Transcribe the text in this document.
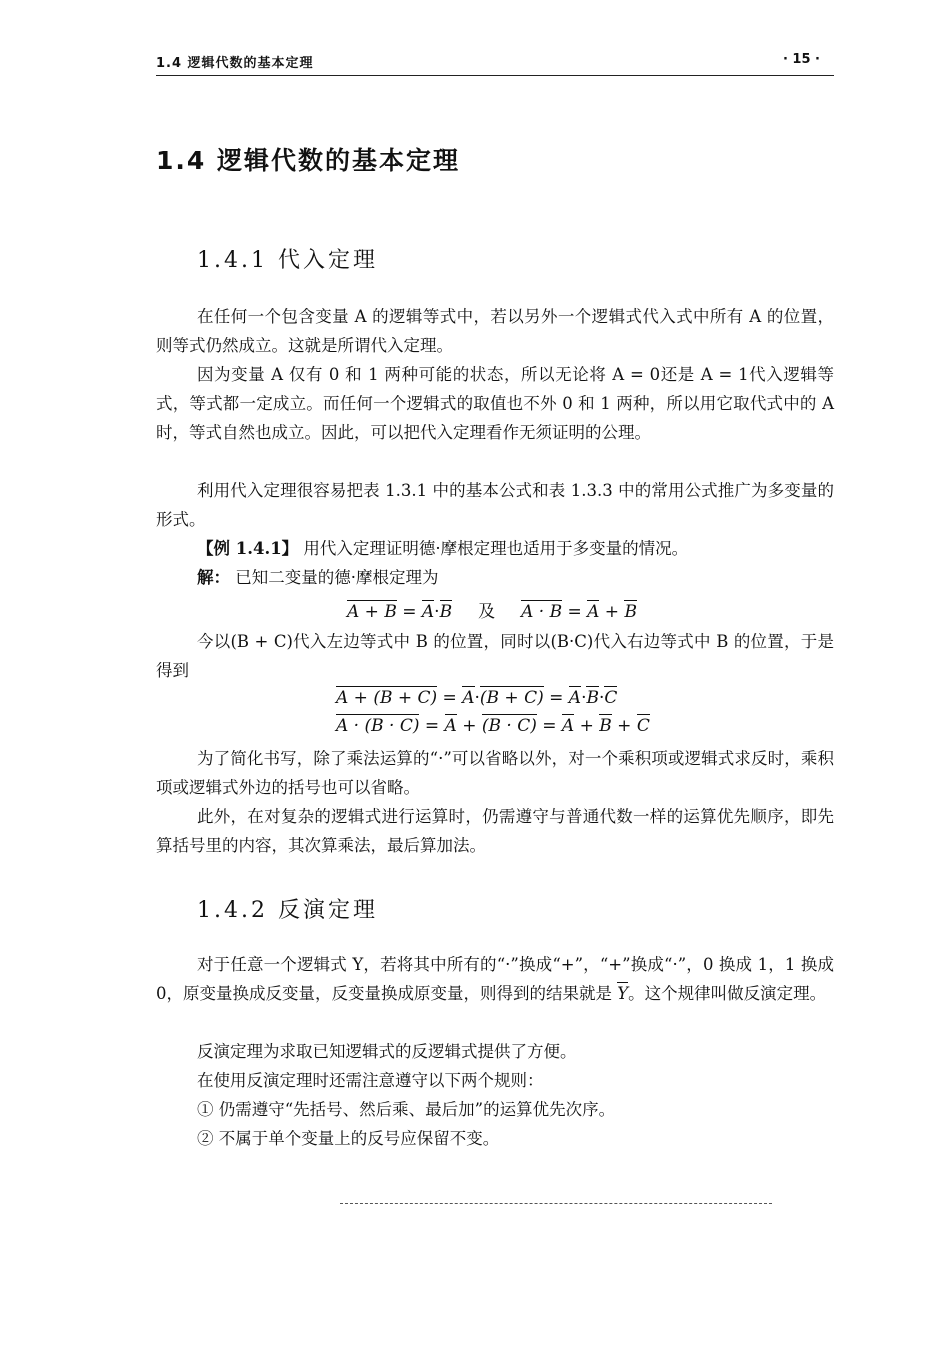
1.4 逻辑代数的基本定理	· 15 ·
1.4 逻辑代数的基本定理
1.4.1 代入定理
在任何一个包含变量 A 的逻辑等式中，若以另外一个逻辑式代入式中所有 A 的位置，则等式仍然成立。这就是所谓代入定理。
因为变量 A 仅有 0 和 1 两种可能的状态，所以无论将 A = 0还是 A = 1代入逻辑等式，等式都一定成立。而任何一个逻辑式的取值也不外 0 和 1 两种，所以用它取代式中的 A 时，等式自然也成立。因此，可以把代入定理看作无须证明的公理。
利用代入定理很容易把表 1.3.1 中的基本公式和表 1.3.3 中的常用公式推广为多变量的形式。
【例 1.4.1】 用代入定理证明德·摩根定理也适用于多变量的情况。
解： 已知二变量的德·摩根定理为
A + B = A·B 及 A · B = A + B
今以(B + C)代入左边等式中 B 的位置，同时以(B·C)代入右边等式中 B 的位置，于是得到
A + (B + C) = A·(B + C) = A·B·C
A · (B · C) = A + (B · C) = A + B + C
为了简化书写，除了乘法运算的“·”可以省略以外，对一个乘积项或逻辑式求反时，乘积项或逻辑式外边的括号也可以省略。
此外，在对复杂的逻辑式进行运算时，仍需遵守与普通代数一样的运算优先顺序，即先算括号里的内容，其次算乘法，最后算加法。
1.4.2 反演定理
对于任意一个逻辑式 Y，若将其中所有的“·”换成“+”，“+”换成“·”，0 换成 1，1 换成 0，原变量换成反变量，反变量换成原变量，则得到的结果就是 Y。这个规律叫做反演定理。
反演定理为求取已知逻辑式的反逻辑式提供了方便。
在使用反演定理时还需注意遵守以下两个规则：
① 仍需遵守“先括号、然后乘、最后加”的运算优先次序。
② 不属于单个变量上的反号应保留不变。
